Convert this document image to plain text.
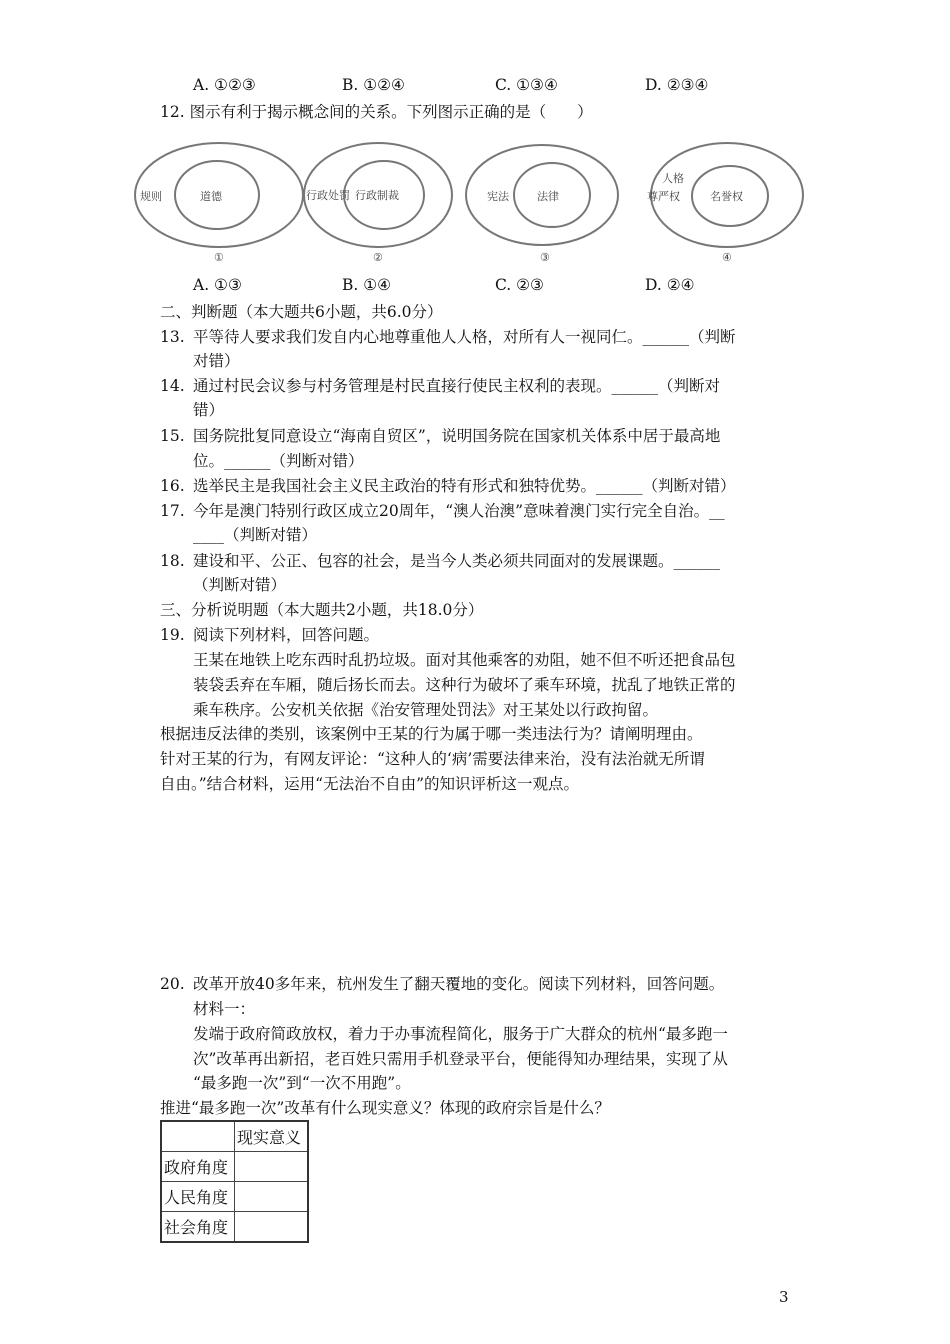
A. ①②③	B. ①②④	C. ①③④	D. ②③④
12. 图示有利于揭示概念间的关系。下列图示正确的是（　　）
规则	道德
①
行政处罚 行政制裁
②
宪法	法律
③
人格
尊严权	名誉权
④
A. ①③	B. ①④	C. ②③	D. ②④
二、判断题（本大题共6小题，共6.0分）
13. 平等待人要求我们发自内心地尊重他人人格，对所有人一视同仁。______（判断
对错）
14. 通过村民会议参与村务管理是村民直接行使民主权利的表现。______（判断对
错）
15. 国务院批复同意设立“海南自贸区”，说明国务院在国家机关体系中居于最高地
位。______（判断对错）
16. 选举民主是我国社会主义民主政治的特有形式和独特优势。______（判断对错）
17. 今年是澳门特别行政区成立20周年，“澳人治澳”意味着澳门实行完全自治。__
____（判断对错）
18. 建设和平、公正、包容的社会，是当今人类必须共同面对的发展课题。______
（判断对错）
三、分析说明题（本大题共2小题，共18.0分）
19. 阅读下列材料，回答问题。
王某在地铁上吃东西时乱扔垃圾。面对其他乘客的劝阻，她不但不听还把食品包
装袋丢弃在车厢，随后扬长而去。这种行为破坏了乘车环境，扰乱了地铁正常的
乘车秩序。公安机关依据《治安管理处罚法》对王某处以行政拘留。
根据违反法律的类别，该案例中王某的行为属于哪一类违法行为？请阐明理由。
针对王某的行为，有网友评论：“这种人的‘病’需要法律来治，没有法治就无所谓
自由。”结合材料，运用“无法治不自由”的知识评析这一观点。
20. 改革开放40多年来，杭州发生了翻天覆地的变化。阅读下列材料，回答问题。
材料一：
发端于政府简政放权，着力于办事流程简化，服务于广大群众的杭州“最多跑一
次”改革再出新招，老百姓只需用手机登录平台，便能得知办理结果，实现了从
“最多跑一次”到“一次不用跑”。
推进“最多跑一次”改革有什么现实意义？体现的政府宗旨是什么？
	现实意义
政府角度	
人民角度	
社会角度	
3
